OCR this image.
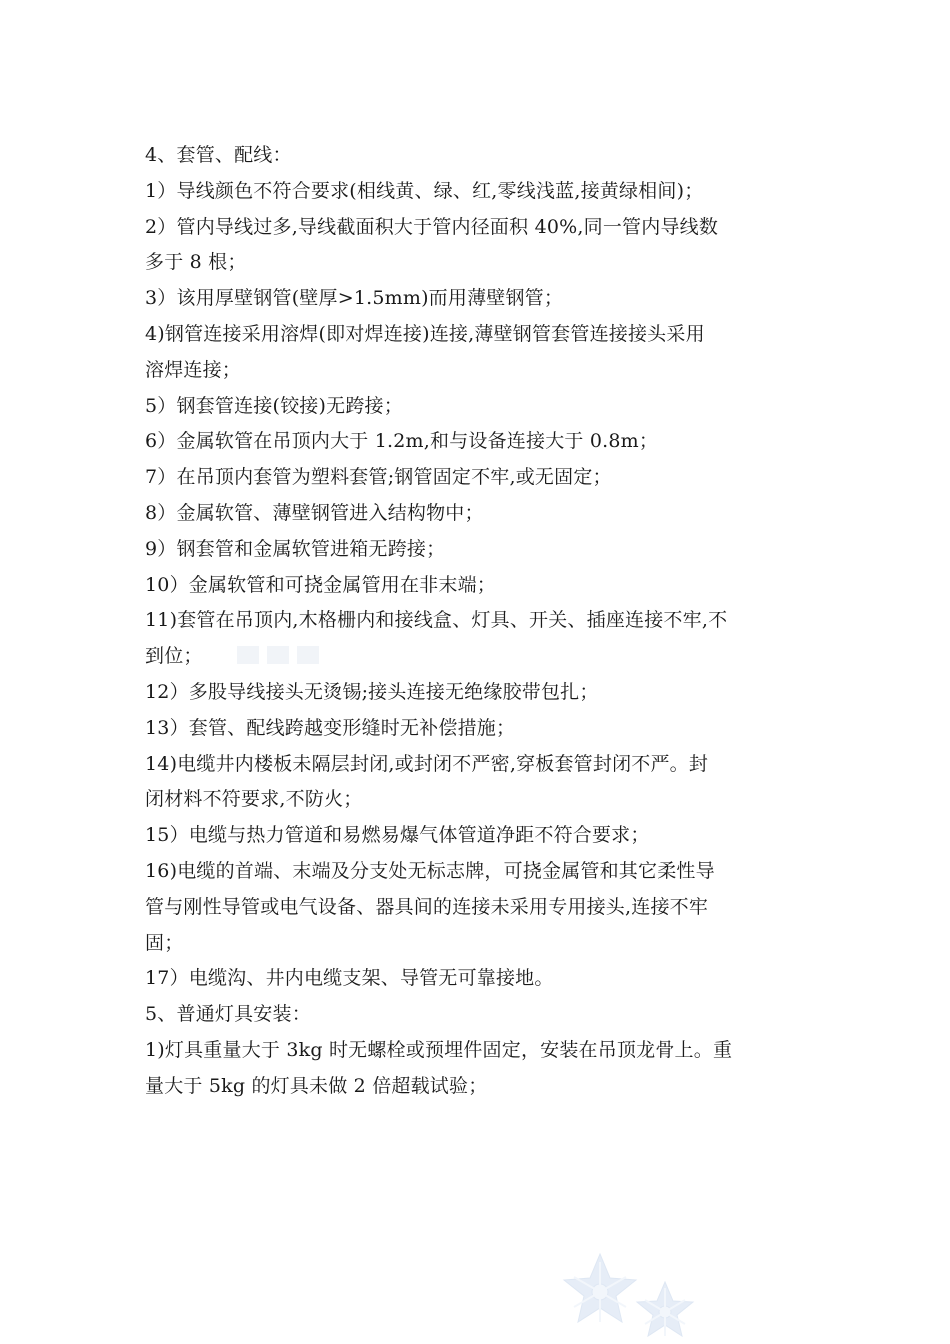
4、套管、配线：
1）导线颜色不符合要求(相线黄、绿、红,零线浅蓝,接黄绿相间)；
2）管内导线过多,导线截面积大于管内径面积 40%,同一管内导线数
多于 8 根；
3）该用厚壁钢管(壁厚>1.5mm)而用薄壁钢管；
4)钢管连接采用溶焊(即对焊连接)连接,薄壁钢管套管连接接头采用
溶焊连接；
5）钢套管连接(铰接)无跨接；
6）金属软管在吊顶内大于 1.2m,和与设备连接大于 0.8m；
7）在吊顶内套管为塑料套管;钢管固定不牢,或无固定；
8）金属软管、薄壁钢管进入结构物中；
9）钢套管和金属软管进箱无跨接；
10）金属软管和可挠金属管用在非末端；
11)套管在吊顶内,木格栅内和接线盒、灯具、开关、插座连接不牢,不
到位；
12）多股导线接头无烫锡;接头连接无绝缘胶带包扎；
13）套管、配线跨越变形缝时无补偿措施；
14)电缆井内楼板未隔层封闭,或封闭不严密,穿板套管封闭不严。封
闭材料不符要求,不防火；
15）电缆与热力管道和易燃易爆气体管道净距不符合要求；
16)电缆的首端、末端及分支处无标志牌，可挠金属管和其它柔性导
管与刚性导管或电气设备、器具间的连接未采用专用接头,连接不牢
固；
17）电缆沟、井内电缆支架、导管无可靠接地。
5、普通灯具安装：
1)灯具重量大于 3kg 时无螺栓或预埋件固定，安装在吊顶龙骨上。重
量大于 5kg 的灯具未做 2 倍超载试验；
